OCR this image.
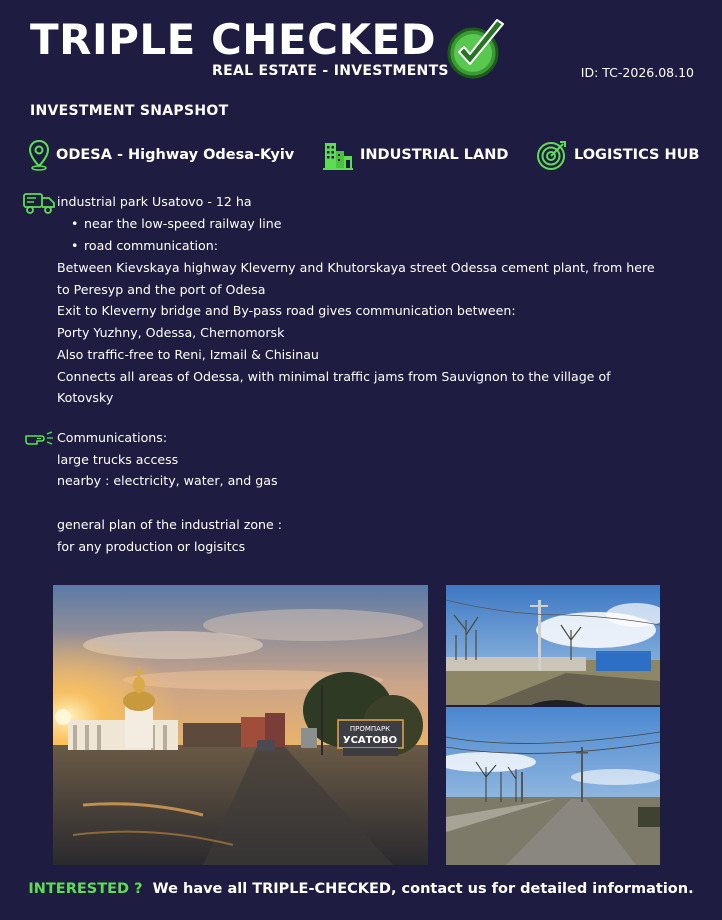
TRIPLE CHECKED
REAL ESTATE - INVESTMENTS	ID: TC-2026.08.10
INVESTMENT SNAPSHOT
ODESA - Highway Odesa-Kyiv	INDUSTRIAL LAND	LOGISTICS HUB
industrial park Usatovo - 12 ha
• near the low-speed railway line
• road communication:
Between Kievskaya highway Kleverny and Khutorskaya street Odessa cement plant, from here
to Peresyp and the port of Odesa
Exit to Kleverny bridge and By-pass road gives communication between:
Porty Yuzhny, Odessa, Chernomorsk
Also traffic-free to Reni, Izmail & Chisinau
Connects all areas of Odessa, with minimal traffic jams from Sauvignon to the village of
Kotovsky
Communications:
large trucks access
nearby : electricity, water, and gas
general plan of the industrial zone :
for any production or logisitcs
ПРОМПАРК
УСАТОВО
INTERESTED ? We have all TRIPLE-CHECKED, contact us for detailed information.
